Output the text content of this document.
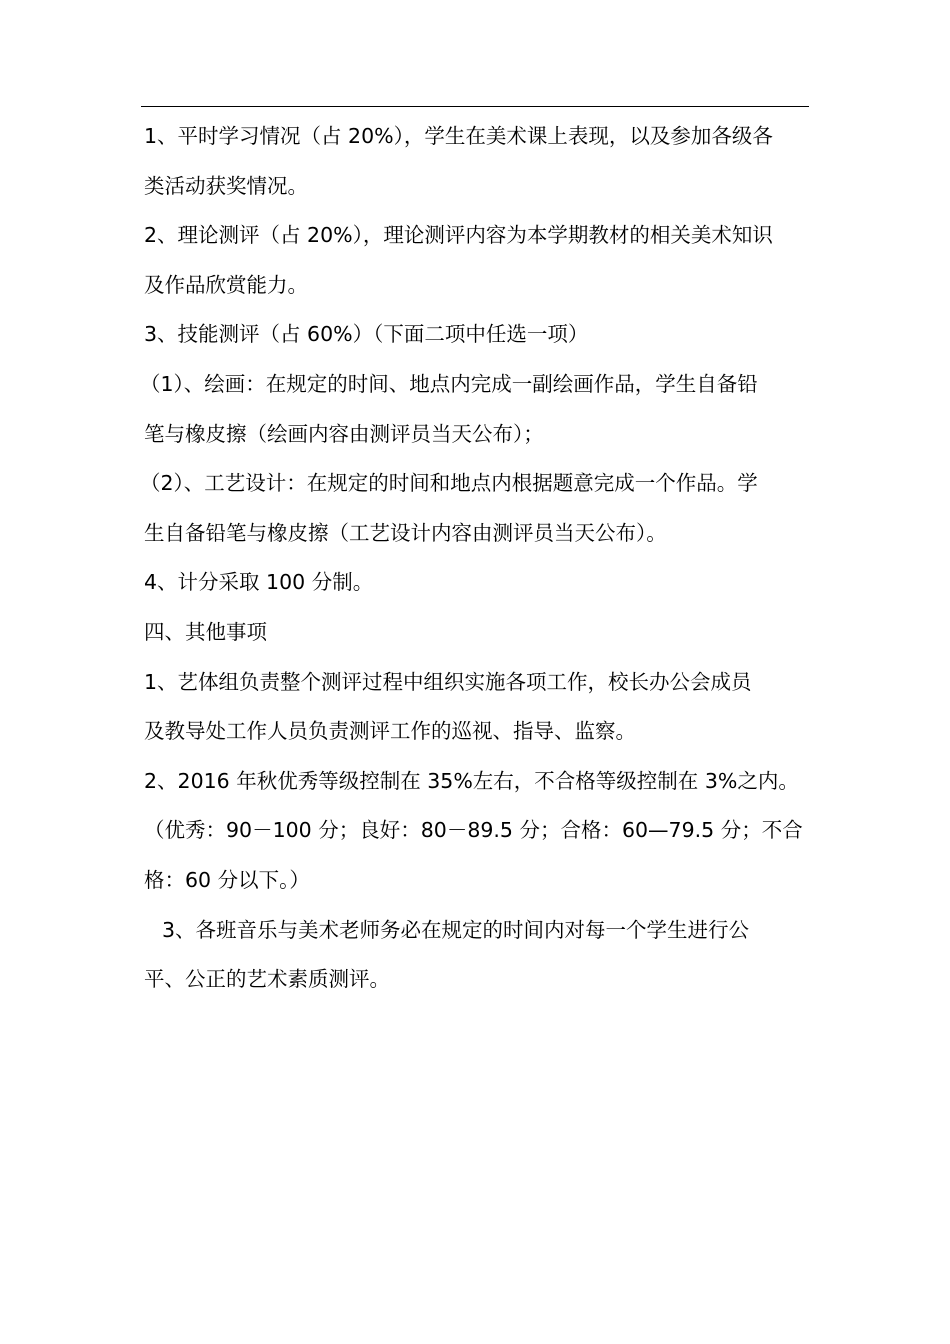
1、平时学习情况（占 20%），学生在美术课上表现，以及参加各级各
类活动获奖情况。
2、理论测评（占 20%），理论测评内容为本学期教材的相关美术知识
及作品欣赏能力。
3、技能测评（占 60%）（下面二项中任选一项）
（1）、绘画：在规定的时间、地点内完成一副绘画作品，学生自备铅
笔与橡皮擦（绘画内容由测评员当天公布）；
（2）、工艺设计：在规定的时间和地点内根据题意完成一个作品。学
生自备铅笔与橡皮擦（工艺设计内容由测评员当天公布）。
4、计分采取 100 分制。
四、其他事项
1、艺体组负责整个测评过程中组织实施各项工作，校长办公会成员
及教导处工作人员负责测评工作的巡视、指导、监察。
2、2016 年秋优秀等级控制在 35%左右，不合格等级控制在 3%之内。
（优秀：90－100 分；良好：80－89.5 分；合格：60—79.5 分；不合
格：60 分以下。）
3、各班音乐与美术老师务必在规定的时间内对每一个学生进行公
平、公正的艺术素质测评。
